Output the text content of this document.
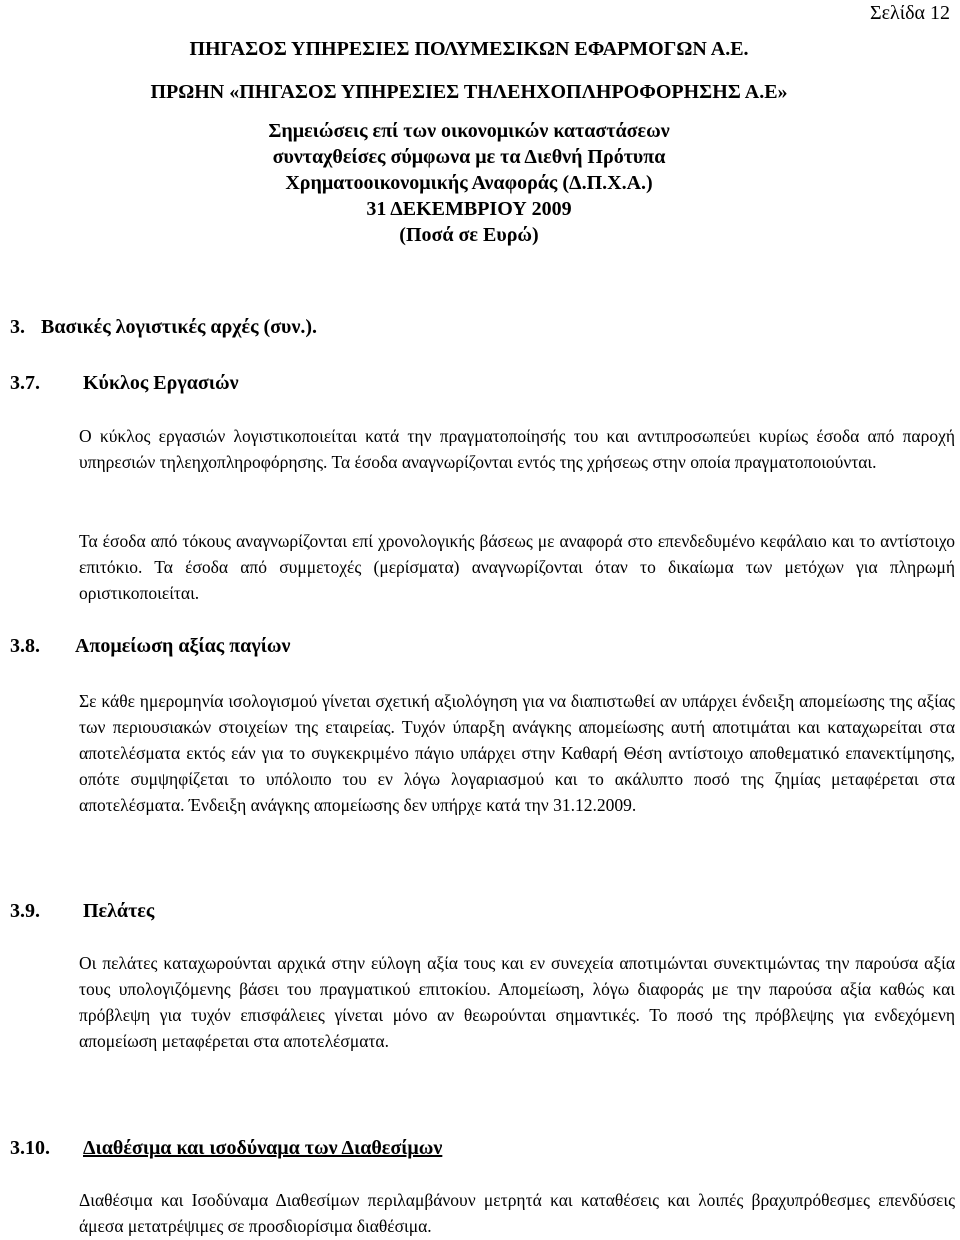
Σελίδα 12

ΠΗΓΑΣΟΣ ΥΠΗΡΕΣΙΕΣ ΠΟΛΥΜΕΣΙΚΩΝ ΕΦΑΡΜΟΓΩΝ Α.Ε.

ΠΡΩΗΝ «ΠΗΓΑΣΟΣ ΥΠΗΡΕΣΙΕΣ ΤΗΛΕΗΧΟΠΛΗΡΟΦΟΡΗΣΗΣ Α.Ε»

Σημειώσεις επί των οικονομικών καταστάσεων

συνταχθείσες σύμφωνα με τα Διεθνή Πρότυπα

Χρηματοοικονομικής Αναφοράς (Δ.Π.Χ.Α.)

31 ΔΕΚΕΜΒΡΙΟΥ 2009

(Ποσά σε Ευρώ)

3. Βασικές λογιστικές αρχές (συν.).
3.7. Κύκλος Εργασιών

Ο κύκλος εργασιών λογιστικοποιείται κατά την πραγματοποίησής του και αντιπροσωπεύει κυρίως έσοδα από παροχή υπηρεσιών τηλεηχοπληροφόρησης. Τα έσοδα αναγνωρίζονται εντός της χρήσεως στην οποία πραγματοποιούνται.

Τα έσοδα από τόκους αναγνωρίζονται επί χρονολογικής βάσεως με αναφορά στο επενδεδυμένο κεφάλαιο και το αντίστοιχο επιτόκιο. Τα έσοδα από συμμετοχές (μερίσματα) αναγνωρίζονται όταν το δικαίωμα των μετόχων για πληρωμή οριστικοποιείται.

3.8. Απομείωση αξίας παγίων

Σε κάθε ημερομηνία ισολογισμού γίνεται σχετική αξιολόγηση για να διαπιστωθεί αν υπάρχει ένδειξη απομείωσης της αξίας των περιουσιακών στοιχείων της εταιρείας. Τυχόν ύπαρξη ανάγκης απομείωσης αυτή αποτιμάται και καταχωρείται στα αποτελέσματα εκτός εάν για το συγκεκριμένο πάγιο υπάρχει στην Καθαρή Θέση αντίστοιχο αποθεματικό επανεκτίμησης, οπότε συμψηφίζεται το υπόλοιπο του εν λόγω λογαριασμού και το ακάλυπτο ποσό της ζημίας μεταφέρεται στα αποτελέσματα. Ένδειξη ανάγκης απομείωσης δεν υπήρχε κατά την 31.12.2009.

3.9. Πελάτες

Οι πελάτες καταχωρούνται αρχικά στην εύλογη αξία τους και εν συνεχεία αποτιμώνται συνεκτιμώντας την παρούσα αξία τους υπολογιζόμενης βάσει του πραγματικού επιτοκίου. Απομείωση, λόγω διαφοράς με την παρούσα αξία καθώς και πρόβλεψη για τυχόν επισφάλειες γίνεται μόνο αν θεωρούνται σημαντικές. Το ποσό της πρόβλεψης για ενδεχόμενη απομείωση μεταφέρεται στα αποτελέσματα.

3.10. Διαθέσιμα και ισοδύναμα των Διαθεσίμων

Διαθέσιμα και Ισοδύναμα Διαθεσίμων περιλαμβάνουν μετρητά και καταθέσεις και λοιπές βραχυπρόθεσμες επενδύσεις άμεσα μετατρέψιμες σε προσδιορίσιμα διαθέσιμα.
